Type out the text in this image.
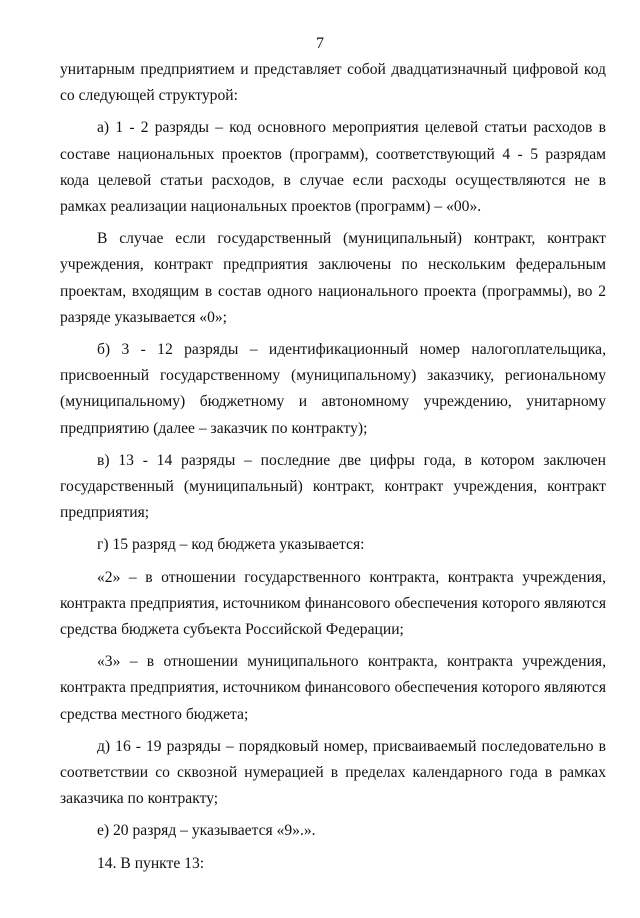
7

унитарным предприятием и представляет собой двадцатизначный цифровой код со следующей структурой:

а) 1 - 2 разряды – код основного мероприятия целевой статьи расходов в составе национальных проектов (программ), соответствующий 4 - 5 разрядам кода целевой статьи расходов, в случае если расходы осуществляются не в рамках реализации национальных проектов (программ) – «00».

В случае если государственный (муниципальный) контракт, контракт учреждения, контракт предприятия заключены по нескольким федеральным проектам, входящим в состав одного национального проекта (программы), во 2 разряде указывается «0»;

б) 3 - 12 разряды – идентификационный номер налогоплательщика, присвоенный государственному (муниципальному) заказчику, региональному (муниципальному) бюджетному и автономному учреждению, унитарному предприятию (далее – заказчик по контракту);

в) 13 - 14 разряды – последние две цифры года, в котором заключен государственный (муниципальный) контракт, контракт учреждения, контракт предприятия;

г) 15 разряд – код бюджета указывается:

«2» – в отношении государственного контракта, контракта учреждения, контракта предприятия, источником финансового обеспечения которого являются средства бюджета субъекта Российской Федерации;

«3» – в отношении муниципального контракта, контракта учреждения, контракта предприятия, источником финансового обеспечения которого являются средства местного бюджета;

д) 16 - 19 разряды – порядковый номер, присваиваемый последовательно в соответствии со сквозной нумерацией в пределах календарного года в рамках заказчика по контракту;

е) 20 разряд – указывается «9».».

14. В пункте 13:
